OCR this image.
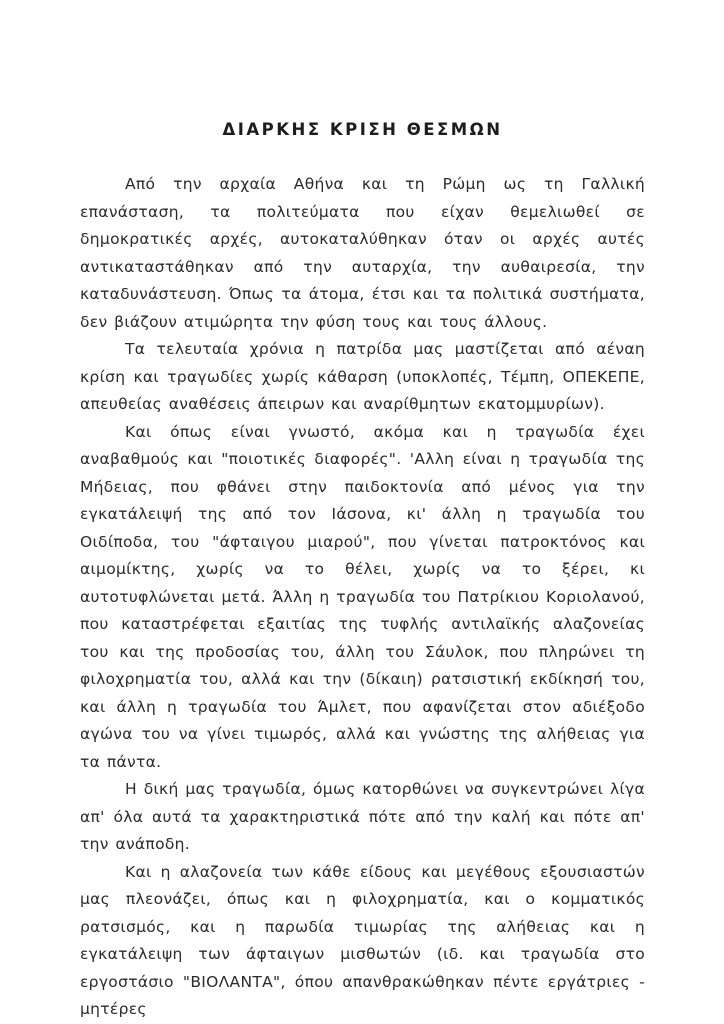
ΔΙΑΡΚΗΣ ΚΡΙΣΗ ΘΕΣΜΩΝ

Από την αρχαία Αθήνα και τη Ρώμη ως τη Γαλλική επανάσταση, τα πολιτεύματα που είχαν θεμελιωθεί σε δημοκρατικές αρχές, αυτοκαταλύθηκαν όταν οι αρχές αυτές αντικαταστάθηκαν από την αυταρχία, την αυθαιρεσία, την καταδυνάστευση. Όπως τα άτομα, έτσι και τα πολιτικά συστήματα, δεν βιάζουν ατιμώρητα την φύση τους και τους άλλους.

Τα τελευταία χρόνια η πατρίδα μας μαστίζεται από αέναη κρίση και τραγωδίες χωρίς κάθαρση (υποκλοπές, Τέμπη, ΟΠΕΚΕΠΕ, απευθείας αναθέσεις άπειρων και αναρίθμητων εκατομμυρίων).

Και όπως είναι γνωστό, ακόμα και η τραγωδία έχει αναβαθμούς και "ποιοτικές διαφορές". 'Αλλη είναι η τραγωδία της Μήδειας, που φθάνει στην παιδοκτονία από μένος για την εγκατάλειψή της από τον Ιάσονα, κι' άλλη η τραγωδία του Οιδίποδα, του "άφταιγου μιαρού", που γίνεται πατροκτόνος και αιμομίκτης, χωρίς να το θέλει, χωρίς να το ξέρει, κι αυτοτυφλώνεται μετά. Άλλη η τραγωδία του Πατρίκιου Κοριολανού, που καταστρέφεται εξαιτίας της τυφλής αντιλαϊκής αλαζονείας του και της προδοσίας του, άλλη του Σάυλοκ, που πληρώνει τη φιλοχρηματία του, αλλά και την (δίκαιη) ρατσιστική εκδίκησή του, και άλλη η τραγωδία του Άμλετ, που αφανίζεται στον αδιέξοδο αγώνα του να γίνει τιμωρός, αλλά και γνώστης της αλήθειας για τα πάντα.

Η δική μας τραγωδία, όμως κατορθώνει να συγκεντρώνει λίγα απ' όλα αυτά τα χαρακτηριστικά πότε από την καλή και πότε απ' την ανάποδη.

Και η αλαζονεία των κάθε είδους και μεγέθους εξουσιαστών μας πλεονάζει, όπως και η φιλοχρηματία, και ο κομματικός ρατσισμός, και η παρωδία τιμωρίας της αλήθειας και η εγκατάλειψη των άφταιγων μισθωτών (ιδ. και τραγωδία στο εργοστάσιο "ΒΙΟΛΑΝΤΑ", όπου απανθρακώθηκαν πέντε εργάτριες - μητέρες
